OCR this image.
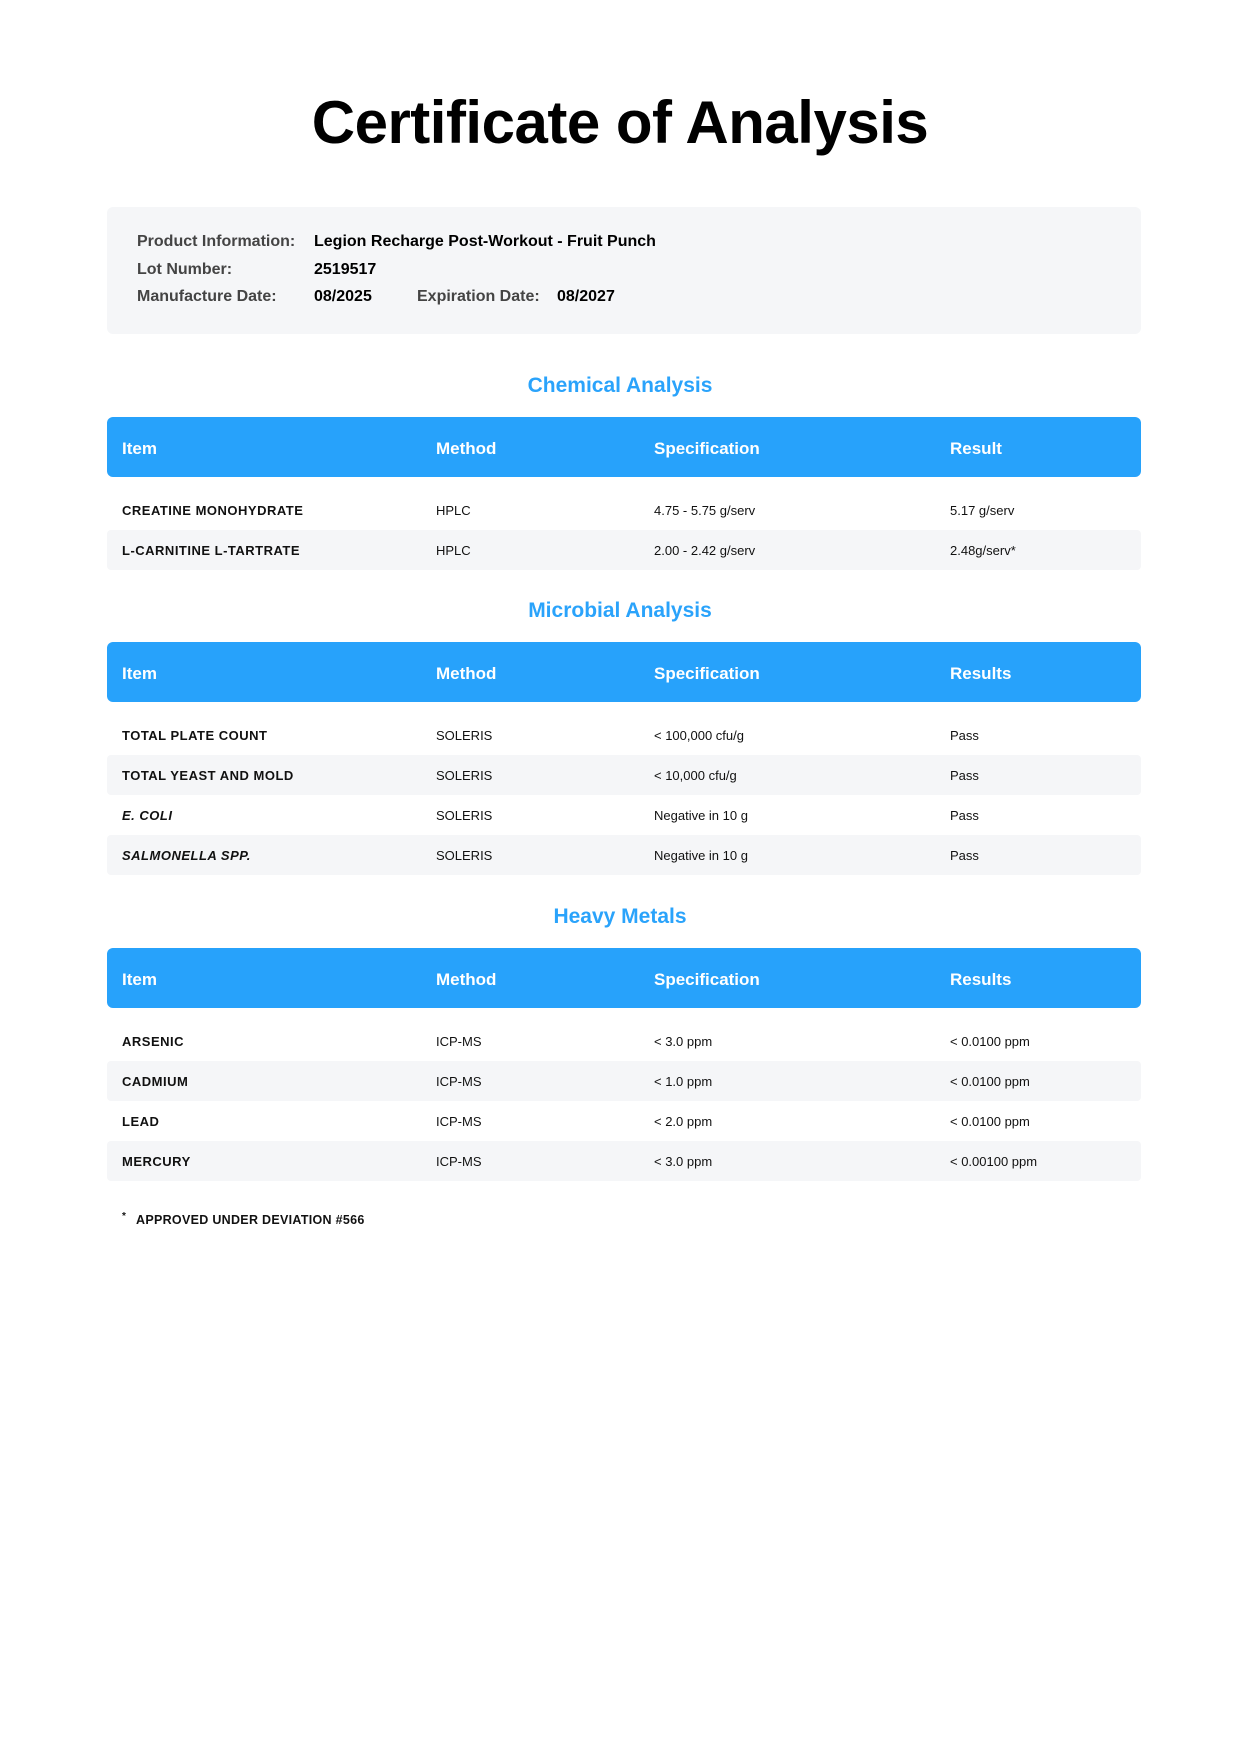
Certificate of Analysis
Product Information: Legion Recharge Post-Workout - Fruit Punch
Lot Number:	2519517
Manufacture Date: 08/2025	Expiration Date: 08/2027
Chemical Analysis
Item	Method	Specification	Result
CREATINE MONOHYDRATE	HPLC	4.75 - 5.75 g/serv	5.17 g/serv
L-CARNITINE L-TARTRATE	HPLC	2.00 - 2.42 g/serv	2.48g/serv*
Microbial Analysis
Item	Method	Specification	Results
TOTAL PLATE COUNT	SOLERIS	< 100,000 cfu/g	Pass
TOTAL YEAST AND MOLD	SOLERIS	< 10,000 cfu/g	Pass
E. COLI	SOLERIS	Negative in 10 g	Pass
SALMONELLA SPP.	SOLERIS	Negative in 10 g	Pass
Heavy Metals
Item	Method	Specification	Results
ARSENIC	ICP-MS	< 3.0 ppm	< 0.0100 ppm
CADMIUM	ICP-MS	< 1.0 ppm	< 0.0100 ppm
LEAD	ICP-MS	< 2.0 ppm	< 0.0100 ppm
MERCURY	ICP-MS	< 3.0 ppm	< 0.00100 ppm
* APPROVED UNDER DEVIATION #566
